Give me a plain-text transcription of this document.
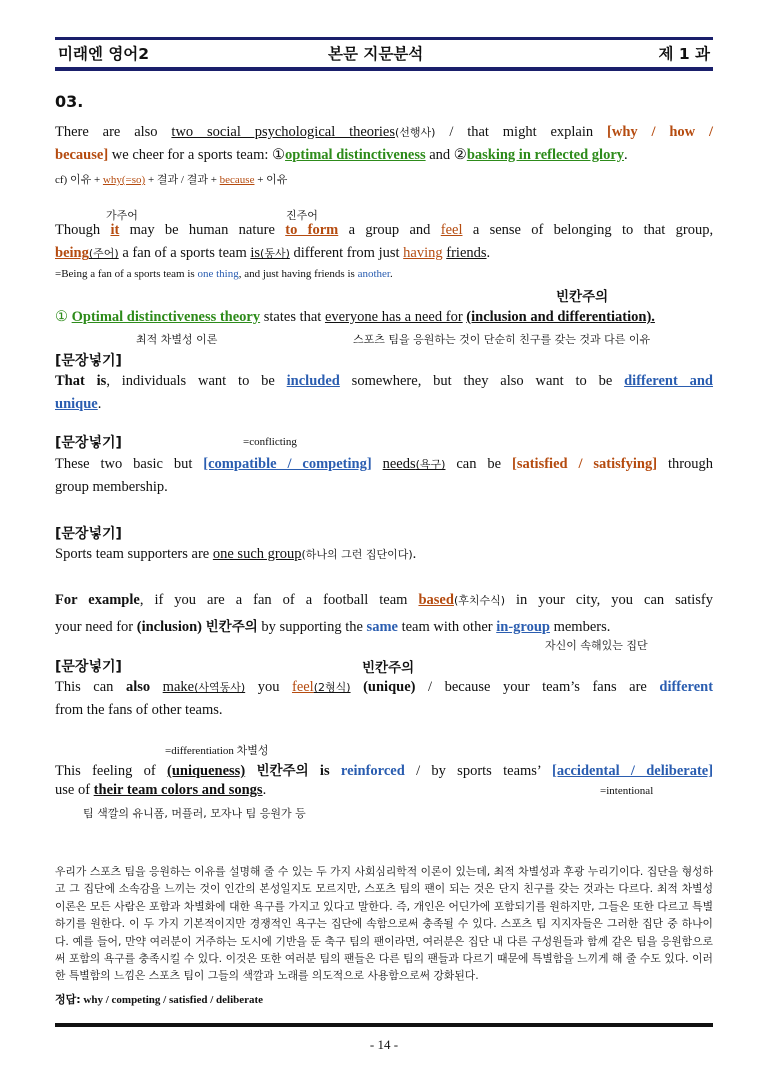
미래엔 영어2	본문 지문분석	제 1 과
03.
There are also two social psychological theories(선행사) / that might explain [why / how /
because] we cheer for a sports team: ①optimal distinctiveness and ②basking in reflected glory.
cf) 이유 + why(=so) + 결과 / 결과 + because + 이유
가주어	진주어
Though it may be human nature to form a group and feel a sense of belonging to that group,
being(주어) a fan of a sports team is(동사) different from just having friends.
=Being a fan of a sports team is one thing, and just having friends is another.
빈칸주의
① Optimal distinctiveness theory states that everyone has a need for (inclusion and differentiation).
최적 차별성 이론	스포츠 팀을 응원하는 것이 단순히 친구를 갖는 것과 다른 이유
[문장넣기]
That is, individuals want to be included somewhere, but they also want to be different and
unique.
[문장넣기]	=conflicting
These two basic but [compatible / competing] needs(욕구) can be [satisfied / satisfying] through
group membership.
[문장넣기]
Sports team supporters are one such group(하나의 그런 집단이다).
For example, if you are a fan of a football team based(후치수식) in your city, you can satisfy
your need for (inclusion) 빈칸주의 by supporting the same team with other in-group members.
자신이 속해있는 집단
[문장넣기]	빈칸주의
This can also make(사역동사) you feel(2형식) (unique) / because your team’s fans are different
from the fans of other teams.
=differentiation 차별성
This feeling of (uniqueness) 빈칸주의 is reinforced / by sports teams’ [accidental / deliberate]
use of their team colors and songs.	=intentional
팀 색깔의 유니폼, 머플러, 모자나 팀 응원가 등
우리가 스포츠 팀을 응원하는 이유를 설명해 줄 수 있는 두 가지 사회심리학적 이론이 있는데, 최적 차별성과 후광 누리기이다. 집단을 형성하고 그 집단에 소속감을 느끼는 것이 인간의 본성일지도 모르지만, 스포츠 팀의 팬이 되는 것은 단지 친구를 갖는 것과는 다르다. 최적 차별성 이론은 모든 사람은 포함과 차별화에 대한 욕구를 가지고 있다고 말한다. 즉, 개인은 어딘가에 포함되기를 원하지만, 그들은 또한 다르고 특별하기를 원한다. 이 두 가지 기본적이지만 경쟁적인 욕구는 집단에 속함으로써 충족될 수 있다. 스포츠 팀 지지자들은 그러한 집단 중 하나이다. 예를 들어, 만약 여러분이 거주하는 도시에 기반을 둔 축구 팀의 팬이라면, 여러분은 집단 내 다른 구성원들과 함께 같은 팀을 응원함으로써 포함의 욕구를 충족시킬 수 있다. 이것은 또한 여러분 팀의 팬들은 다른 팀의 팬들과 다르기 때문에 특별함을 느끼게 해 줄 수도 있다. 이러한 특별함의 느낌은 스포츠 팀이 그들의 색깔과 노래를 의도적으로 사용함으로써 강화된다.
정답: why / competing / satisfied / deliberate
- 14 -
